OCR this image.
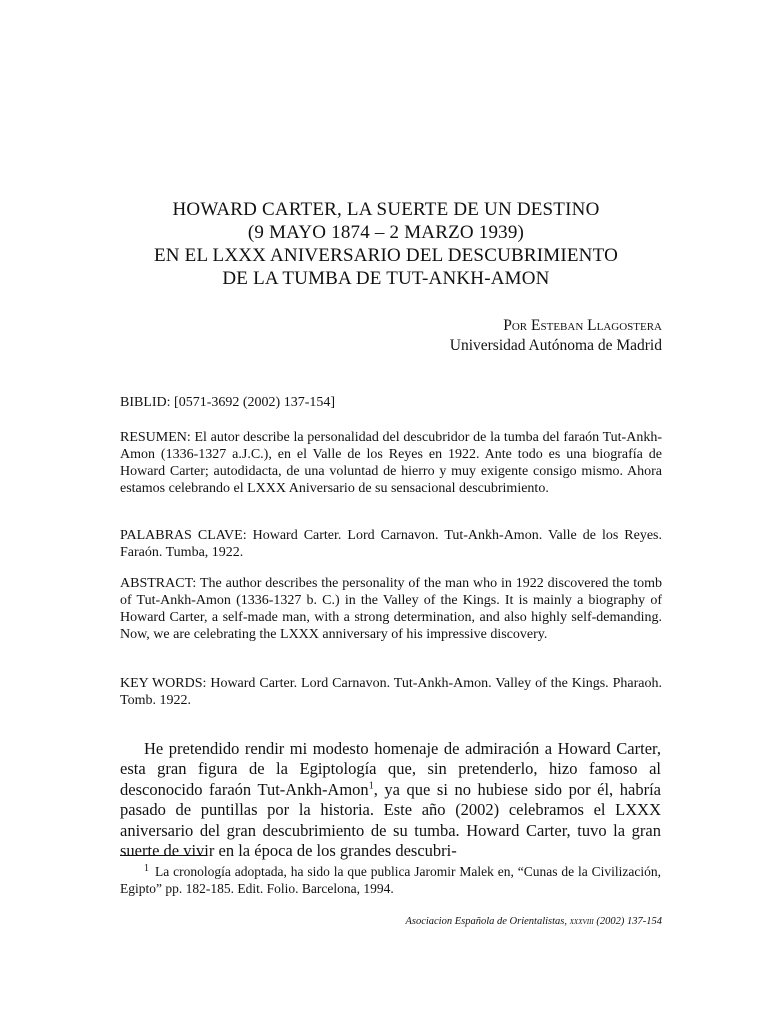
HOWARD CARTER, LA SUERTE DE UN DESTINO
(9 MAYO 1874 – 2 MARZO 1939)
EN EL LXXX ANIVERSARIO DEL DESCUBRIMIENTO
DE LA TUMBA DE TUT-ANKH-AMON
Por Esteban Llagostera
Universidad Autónoma de Madrid
BIBLID: [0571-3692 (2002) 137-154]
RESUMEN: El autor describe la personalidad del descubridor de la tumba del faraón Tut-Ankh-Amon (1336-1327 a.J.C.), en el Valle de los Reyes en 1922. Ante todo es una biografía de Howard Carter; autodidacta, de una voluntad de hierro y muy exigente consigo mismo. Ahora estamos celebrando el LXXX Aniversario de su sensacional descubrimiento.
PALABRAS CLAVE: Howard Carter. Lord Carnavon. Tut-Ankh-Amon. Valle de los Reyes. Faraón. Tumba, 1922.
ABSTRACT: The author describes the personality of the man who in 1922 discovered the tomb of Tut-Ankh-Amon (1336-1327 b. C.) in the Valley of the Kings. It is mainly a biography of Howard Carter, a self-made man, with a strong determination, and also highly self-demanding. Now, we are celebrating the LXXX anniversary of his impressive discovery.
KEY WORDS: Howard Carter. Lord Carnavon. Tut-Ankh-Amon. Valley of the Kings. Pharaoh. Tomb. 1922.
He pretendido rendir mi modesto homenaje de admiración a Howard Carter, esta gran figura de la Egiptología que, sin pretenderlo, hizo famoso al desconocido faraón Tut-Ankh-Amon$^1$, ya que si no hubiese sido por él, habría pasado de puntillas por la historia. Este año (2002) celebramos el LXXX aniversario del gran descubrimiento de su tumba. Howard Carter, tuvo la gran suerte de vivir en la época de los grandes descubri-
$^1$ La cronología adoptada, ha sido la que publica Jaromir Malek en, “Cunas de la Civilización, Egipto” pp. 182-185. Edit. Folio. Barcelona, 1994.
Asociacion Española de Orientalistas, xxxviii (2002) 137-154
